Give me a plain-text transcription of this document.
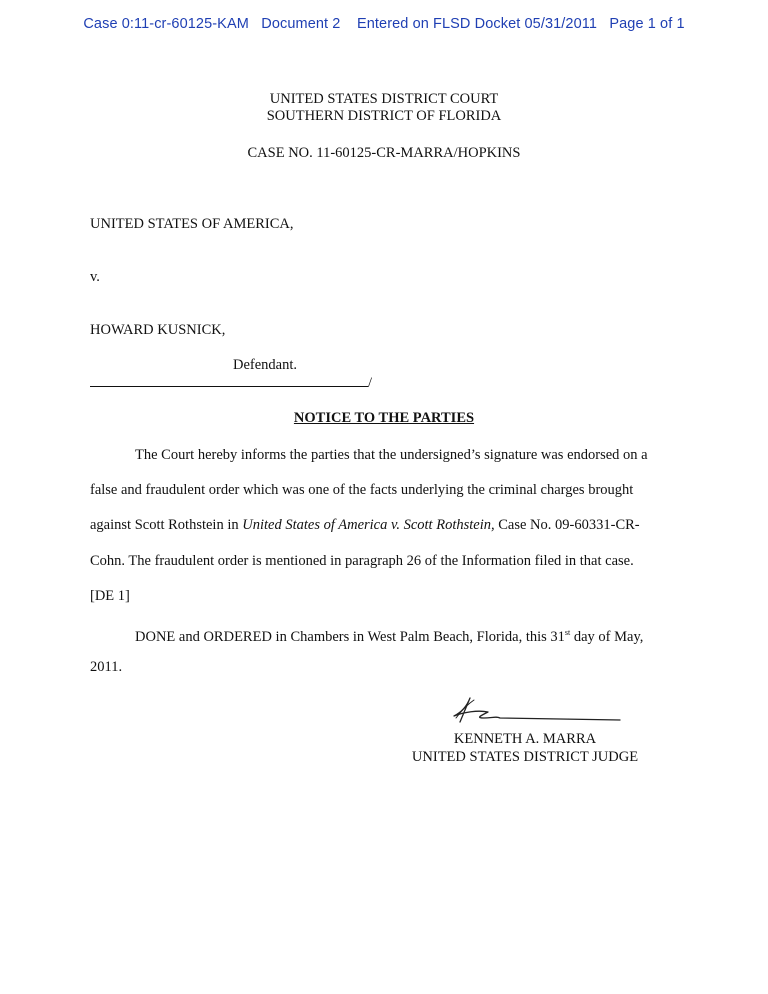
Case 0:11-cr-60125-KAM   Document 2    Entered on FLSD Docket 05/31/2011   Page 1 of 1
UNITED STATES DISTRICT COURT
SOUTHERN DISTRICT OF FLORIDA
CASE NO. 11-60125-CR-MARRA/HOPKINS
UNITED STATES OF AMERICA,
v.
HOWARD KUSNICK,
Defendant.
/
NOTICE TO THE PARTIES
The Court hereby informs the parties that the undersigned’s signature was endorsed on a
false and fraudulent order which was one of the facts underlying the criminal charges brought
against Scott Rothstein in United States of America v. Scott Rothstein, Case No. 09-60331-CR-
Cohn. The fraudulent order is mentioned in paragraph 26 of the Information filed in that case.
[DE 1]
DONE and ORDERED in Chambers in West Palm Beach, Florida, this 31st day of May,
2011.
KENNETH A. MARRA
UNITED STATES DISTRICT JUDGE
